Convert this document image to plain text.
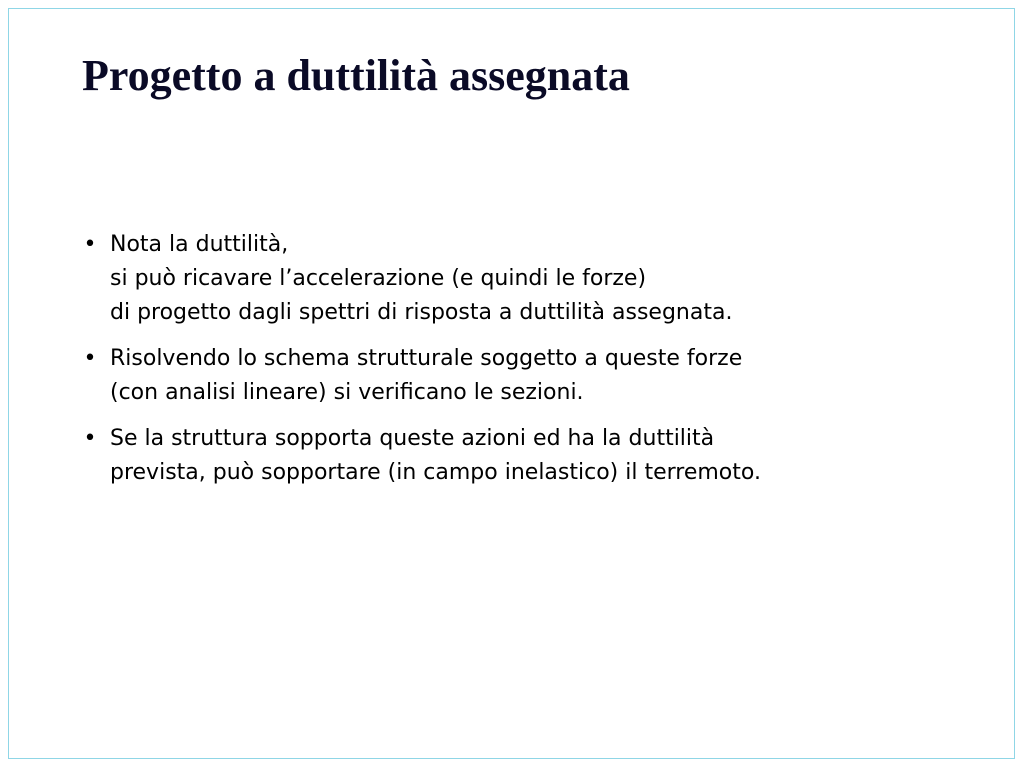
Progetto a duttilità assegnata
• Nota la duttilità,
si può ricavare l’accelerazione (e quindi le forze)
di progetto dagli spettri di risposta a duttilità assegnata.
• Risolvendo lo schema strutturale soggetto a queste forze
(con analisi lineare) si verificano le sezioni.
• Se la struttura sopporta queste azioni ed ha la duttilità
prevista, può sopportare (in campo inelastico) il terremoto.
